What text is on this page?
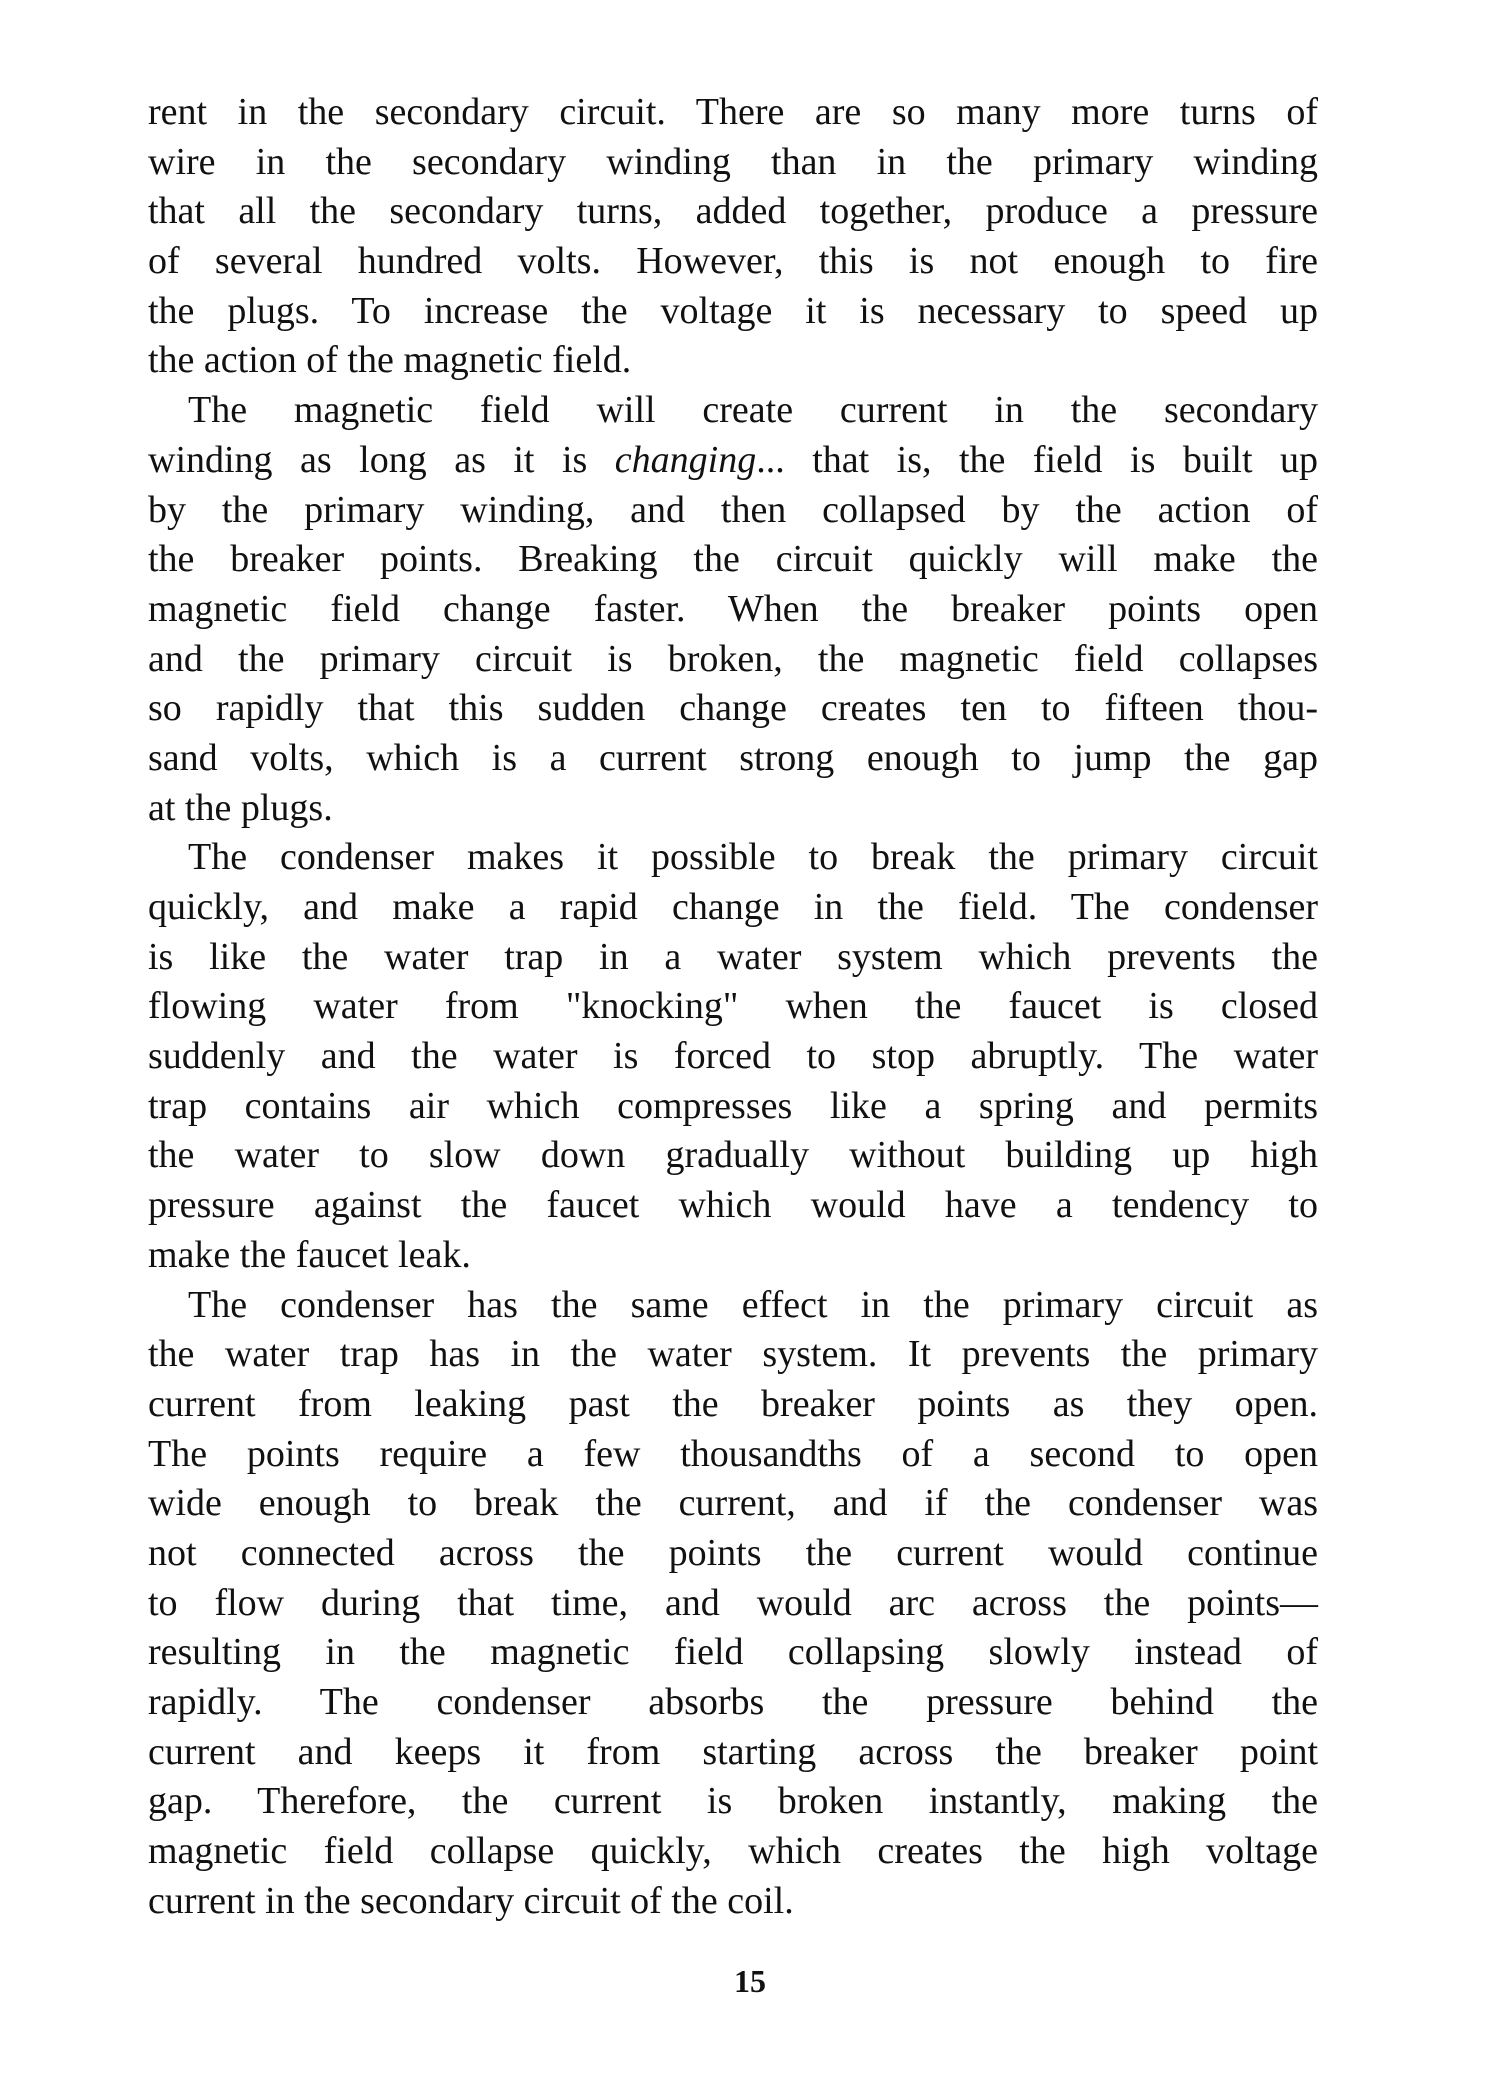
rent in the secondary circuit. There are so many more turns of
wire in the secondary winding than in the primary winding
that all the secondary turns, added together, produce a pressure
of several hundred volts. However, this is not enough to fire
the plugs. To increase the voltage it is necessary to speed up
the action of the magnetic field.
The magnetic field will create current in the secondary
winding as long as it is changing... that is, the field is built up
by the primary winding, and then collapsed by the action of
the breaker points. Breaking the circuit quickly will make the
magnetic field change faster. When the breaker points open
and the primary circuit is broken, the magnetic field collapses
so rapidly that this sudden change creates ten to fifteen thou-
sand volts, which is a current strong enough to jump the gap
at the plugs.
The condenser makes it possible to break the primary circuit
quickly, and make a rapid change in the field. The condenser
is like the water trap in a water system which prevents the
flowing water from "knocking" when the faucet is closed
suddenly and the water is forced to stop abruptly. The water
trap contains air which compresses like a spring and permits
the water to slow down gradually without building up high
pressure against the faucet which would have a tendency to
make the faucet leak.
The condenser has the same effect in the primary circuit as
the water trap has in the water system. It prevents the primary
current from leaking past the breaker points as they open.
The points require a few thousandths of a second to open
wide enough to break the current, and if the condenser was
not connected across the points the current would continue
to flow during that time, and would arc across the points—
resulting in the magnetic field collapsing slowly instead of
rapidly. The condenser absorbs the pressure behind the
current and keeps it from starting across the breaker point
gap. Therefore, the current is broken instantly, making the
magnetic field collapse quickly, which creates the high voltage
current in the secondary circuit of the coil.
15
